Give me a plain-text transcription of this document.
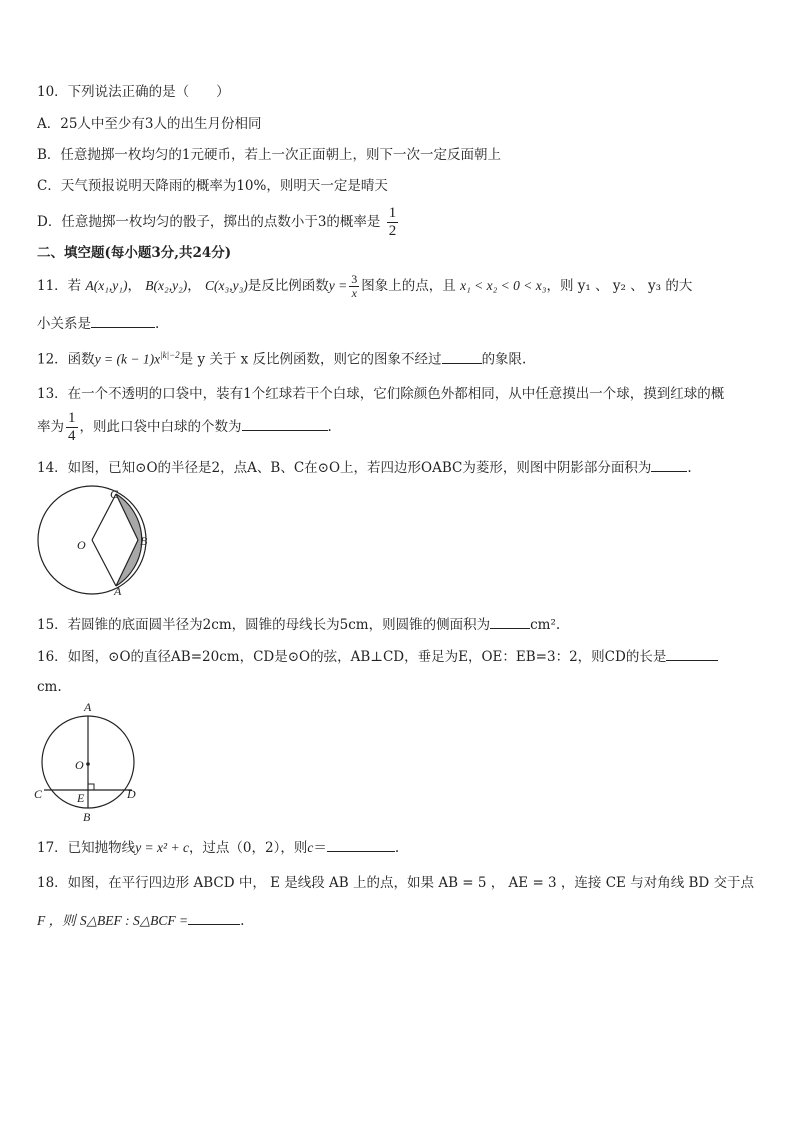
10．下列说法正确的是（　　）
A．25人中至少有3人的出生月份相同
B．任意抛掷一枚均匀的1元硬币，若上一次正面朝上，则下一次一定反面朝上
C．天气预报说明天降雨的概率为10%，则明天一定是晴天
D．任意抛掷一枚均匀的骰子，掷出的点数小于3的概率是 $\frac{1}{2}$
二、填空题(每小题3分,共24分)
11．若 A(x₁,y₁)， B(x₂,y₂)， C(x₃,y₃)是反比例函数$y = \frac{3}{x}$ 图象上的点，且 x₁ < x₂ < 0 < x₃，则 y₁ 、 y₂ 、 y₃ 的大
小关系是	.
12．函数$y = (k - 1)x^{|k|-2}$是 y 关于 x 反比例函数，则它的图象不经过	的象限.
13．在一个不透明的口袋中，装有1个红球若干个白球，它们除颜色外都相同，从中任意摸出一个球，摸到红球的概
率为 $\frac{1}{4}$ ，则此口袋中白球的个数为	.
14．如图，已知⊙O的半径是2，点A、B、C在⊙O上，若四边形OABC为菱形，则图中阴影部分面积为	.
O
C
B
A
15．若圆锥的底面圆半径为2cm，圆锥的母线长为5cm，则圆锥的侧面积为	cm².
16．如图，⊙O的直径AB=20cm，CD是⊙O的弦，AB⊥CD，垂足为E，OE：EB=3：2，则CD的长是
cm.
A
O
C	E	D
B
17．已知抛物线y = x² + c，过点（0，2），则c＝	.
18．如图，在平行四边形 ABCD 中， E 是线段 AB 上的点，如果 AB = 5 ， AE = 3 ，连接 CE 与对角线 BD 交于点
F ，则 S△BEF : S△BCF =	.
